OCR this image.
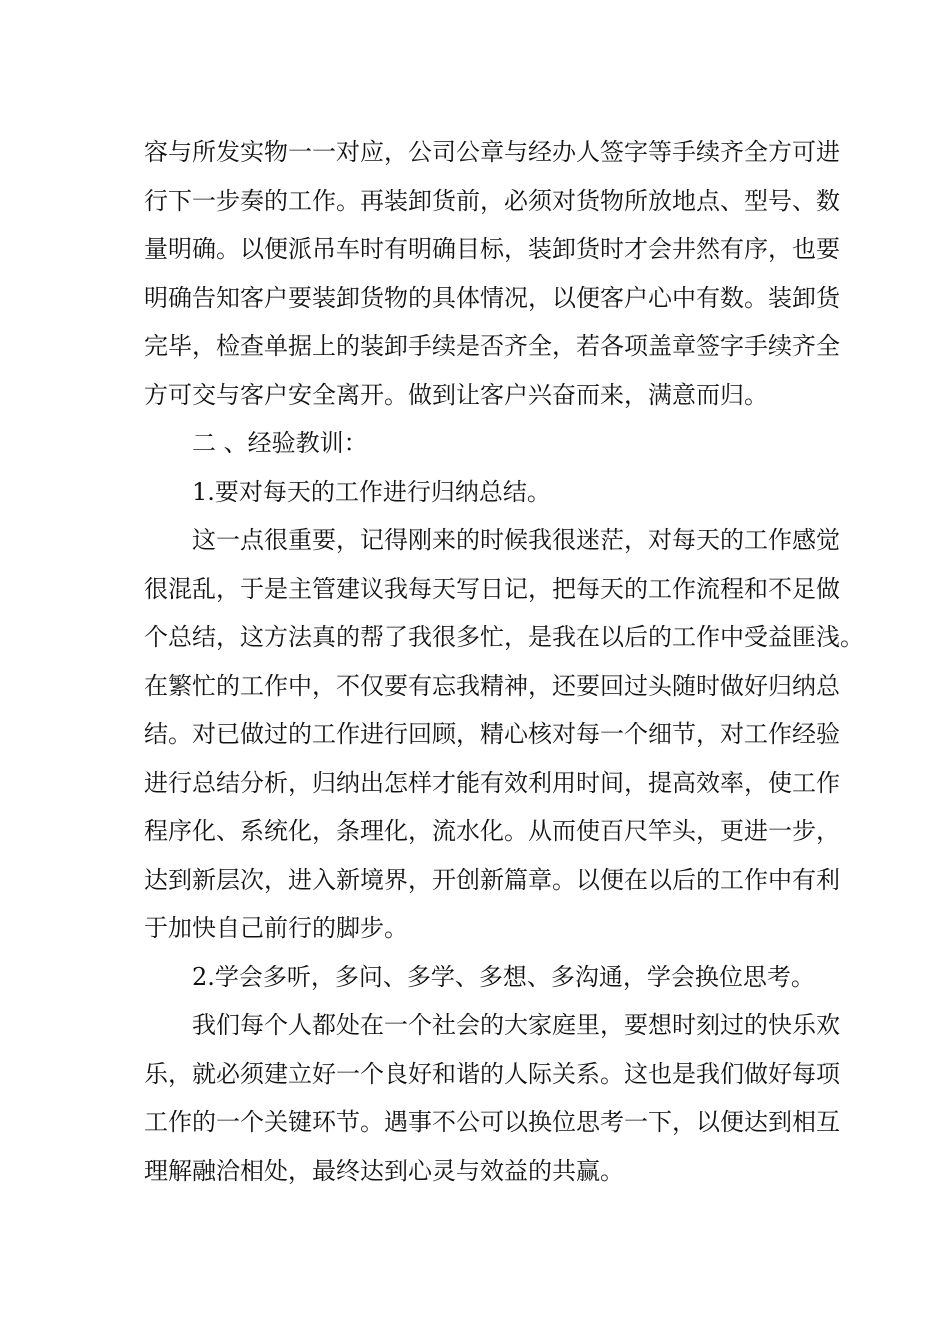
容与所发实物一一对应，公司公章与经办人签字等手续齐全方可进
行下一步奏的工作。再装卸货前，必须对货物所放地点、型号、数
量明确。以便派吊车时有明确目标，装卸货时才会井然有序，也要
明确告知客户要装卸货物的具体情况，以便客户心中有数。装卸货
完毕，检查单据上的装卸手续是否齐全，若各项盖章签字手续齐全
方可交与客户安全离开。做到让客户兴奋而来，满意而归。
二 、经验教训：
1.要对每天的工作进行归纳总结。
这一点很重要，记得刚来的时候我很迷茫，对每天的工作感觉
很混乱，于是主管建议我每天写日记，把每天的工作流程和不足做
个总结，这方法真的帮了我很多忙，是我在以后的工作中受益匪浅。
在繁忙的工作中，不仅要有忘我精神，还要回过头随时做好归纳总
结。对已做过的工作进行回顾，精心核对每一个细节，对工作经验
进行总结分析，归纳出怎样才能有效利用时间，提高效率，使工作
程序化、系统化，条理化，流水化。从而使百尺竿头，更进一步，
达到新层次，进入新境界，开创新篇章。以便在以后的工作中有利
于加快自己前行的脚步。
2.学会多听，多问、多学、多想、多沟通，学会换位思考。
我们每个人都处在一个社会的大家庭里，要想时刻过的快乐欢
乐，就必须建立好一个良好和谐的人际关系。这也是我们做好每项
工作的一个关键环节。遇事不公可以换位思考一下，以便达到相互
理解融洽相处，最终达到心灵与效益的共赢。
